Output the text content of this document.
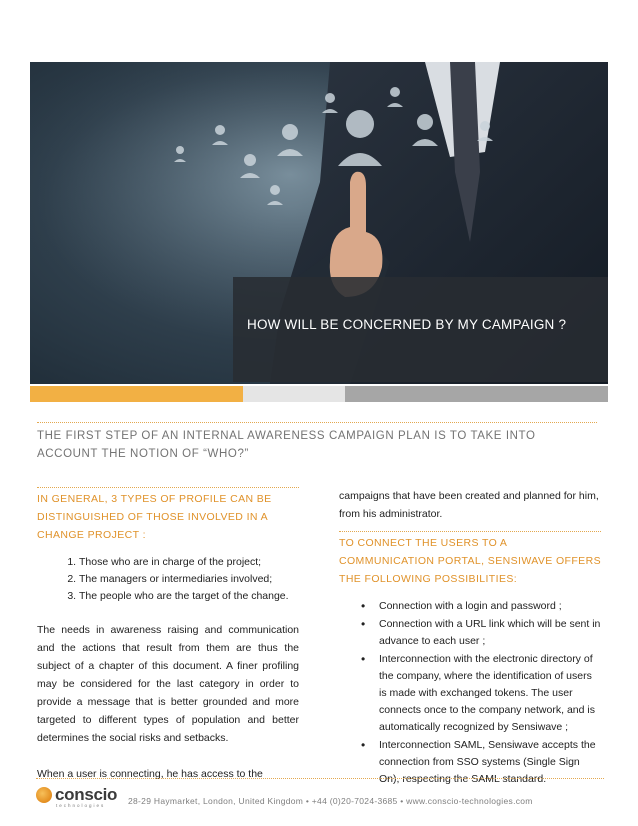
HOW WILL BE CONCERNED BY MY CAMPAIGN ?
THE FIRST STEP OF AN INTERNAL AWARENESS CAMPAIGN PLAN IS TO TAKE INTO ACCOUNT THE NOTION OF “WHO?”
IN GENERAL, 3 TYPES OF PROFILE CAN BE DISTINGUISHED OF THOSE INVOLVED IN A CHANGE PROJECT :
1. Those who are in charge of the project;
2. The managers or intermediaries involved;
3. The people who are the target of the change.

The needs in awareness raising and communication and the actions that result from them are thus the subject of a chapter of this document. A finer profiling may be considered for the last category in order to provide a message that is better grounded and more targeted to different types of population and better determines the social risks and setbacks.

When a user is connecting, he has access to the

campaigns that have been created and planned for him, from his administrator.

TO CONNECT THE USERS TO A COMMUNICATION PORTAL, SENSIWAVE OFFERS THE FOLLOWING POSSIBILITIES:
• Connection with a login and password ;
• Connection with a URL link which will be sent in advance to each user ;
• Interconnection with the electronic directory of the company, where the identification of users is made with exchanged tokens. The user connects once to the company network, and is automatically recognized by Sensiwave ;
• Interconnection SAML, Sensiwave accepts the connection from SSO systems (Single Sign On), respecting the SAML standard.
conscio
technologies	28-29 Haymarket, London, United Kingdom • +44 (0)20-7024-3685 • www.conscio-technologies.com
